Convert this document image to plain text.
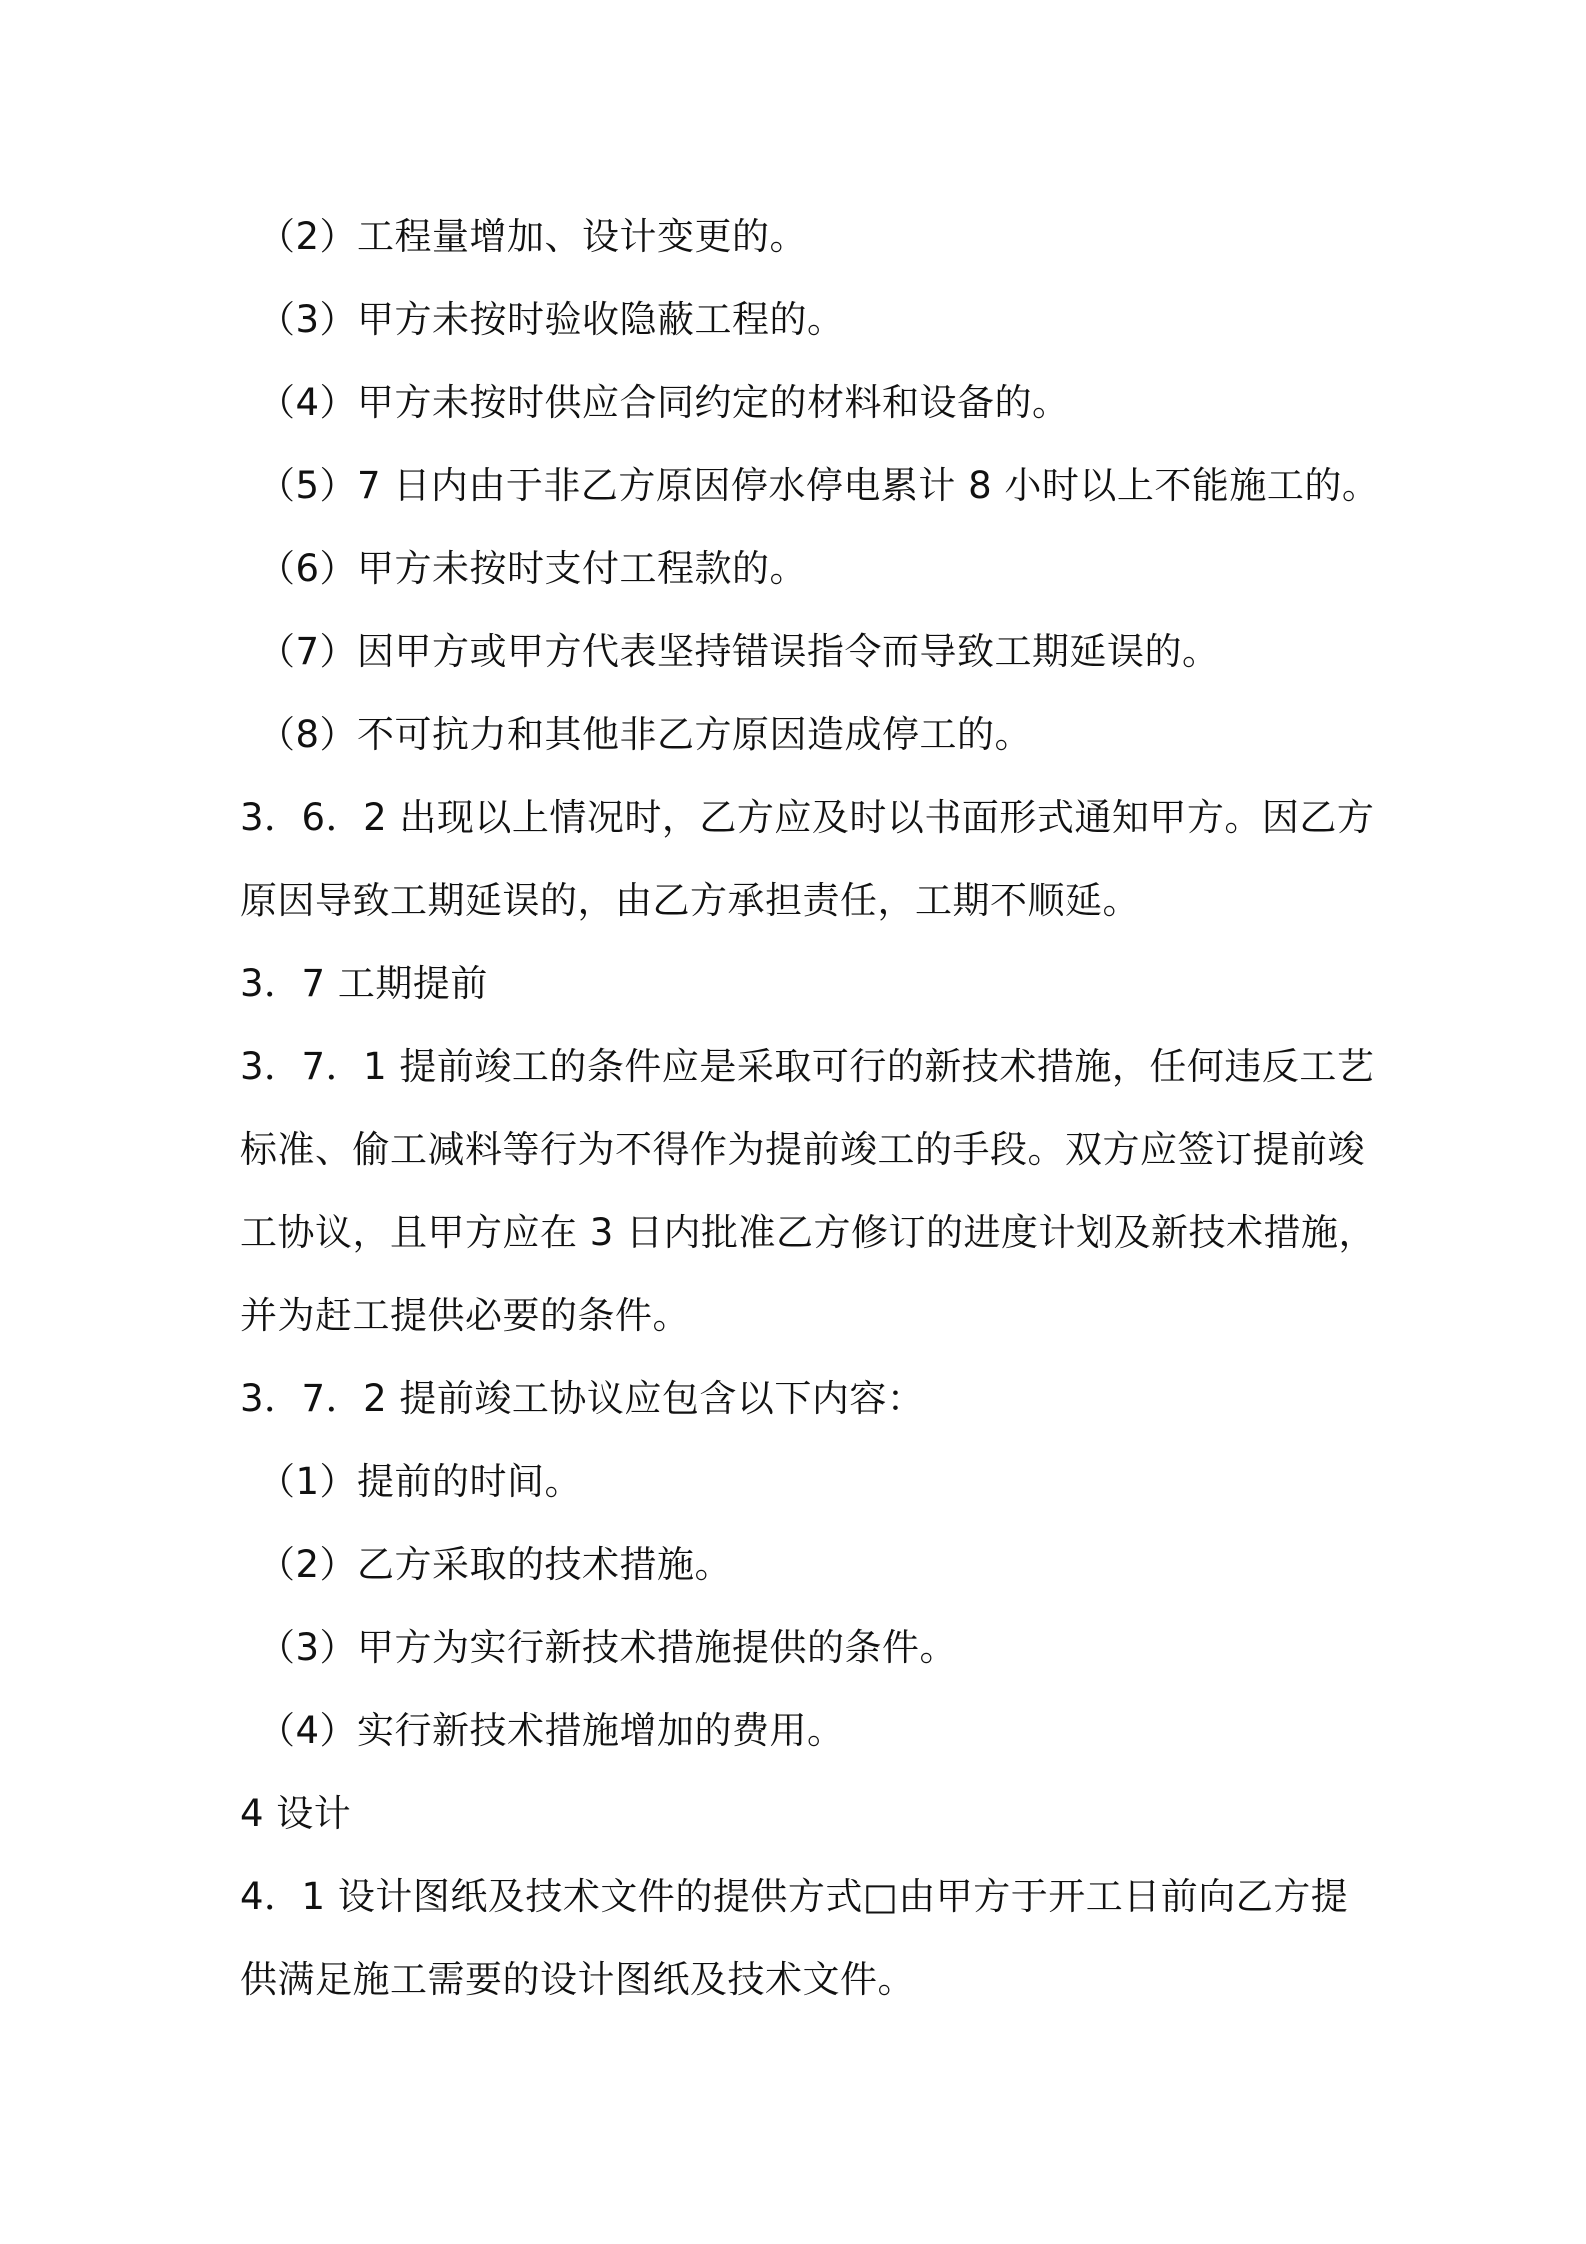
（2）工程量增加、设计变更的。
（3）甲方未按时验收隐蔽工程的。
（4）甲方未按时供应合同约定的材料和设备的。
（5）7 日内由于非乙方原因停水停电累计 8 小时以上不能施工的。
（6）甲方未按时支付工程款的。
（7）因甲方或甲方代表坚持错误指令而导致工期延误的。
（8）不可抗力和其他非乙方原因造成停工的。
3．6．2 出现以上情况时，乙方应及时以书面形式通知甲方。因乙方
原因导致工期延误的，由乙方承担责任，工期不顺延。
3．7 工期提前
3．7．1 提前竣工的条件应是采取可行的新技术措施，任何违反工艺
标准、偷工减料等行为不得作为提前竣工的手段。双方应签订提前竣
工协议，且甲方应在 3 日内批准乙方修订的进度计划及新技术措施，
并为赶工提供必要的条件。
3．7．2 提前竣工协议应包含以下内容：
（1）提前的时间。
（2）乙方采取的技术措施。
（3）甲方为实行新技术措施提供的条件。
（4）实行新技术措施增加的费用。
4 设计
4．1 设计图纸及技术文件的提供方式□由甲方于开工日前向乙方提
供满足施工需要的设计图纸及技术文件。
